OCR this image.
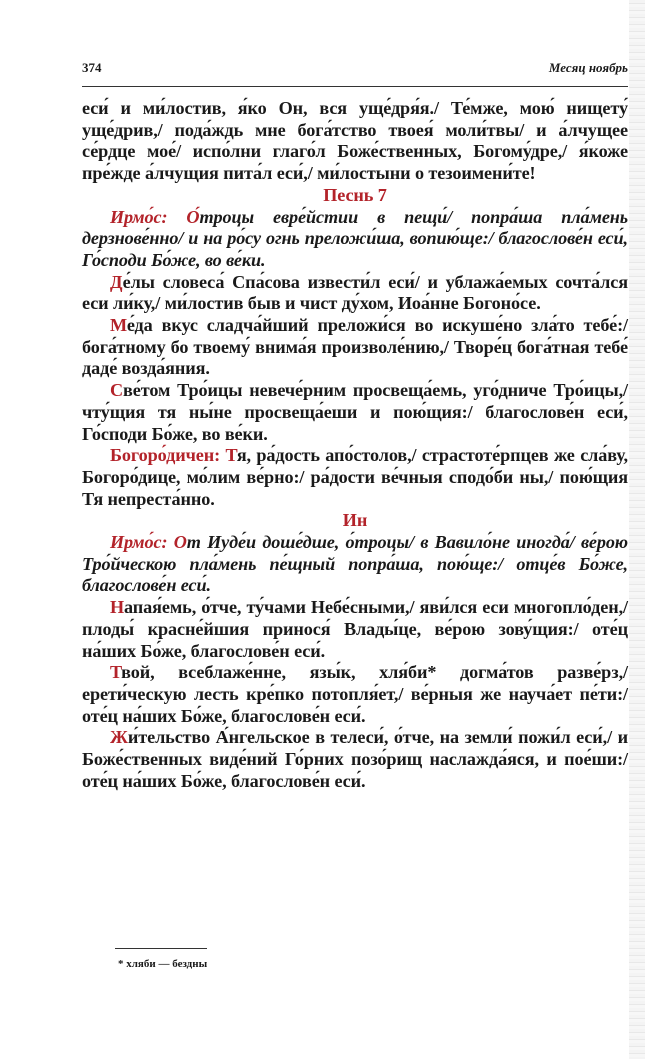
374	Месяц ноябрь

еси́ и ми́лостив, я́ко Он, вся уще́дря́я./ Те́мже, мою́ нищету́ уще́дрив,/ пода́ждь мне бога́тство твоея́ моли́твы/ и а́лчущее се́рдце мое́/ испо́лни глаго́л Боже́ственных, Богому́дре,/ я́коже пре́жде а́лчущия пита́л еси́,/ ми́лостыни о тезоимени́те!

Песнь 7

Ирмо́с: О́троцы евре́йстии в пещи́/ попра́ша пла́мень дерзнове́нно/ и на ро́су огнь преложи́ша, вопию́ще:/ благослове́н еси́, Го́споди Бо́же, во ве́ки.

Де́лы словеса́ Спа́сова извести́л еси́/ и ублажа́емых сочта́лся еси ли́ку,/ ми́лостив быв и чист ду́хом, Иоа́нне Богоно́се.

Ме́да вкус сладча́йший преложи́ся во искуше́но зла́то тебе́:/ бога́тному бо твоему́ внима́я произволе́нию,/ Творе́ц бога́тная тебе́ даде́ возда́яния.

Све́том Тро́ицы невече́рним просвеща́емь, уго́дниче Тро́ицы,/ чту́щия тя ны́не просвеща́еши и пою́щия:/ благослове́н еси́, Го́споди Бо́же, во ве́ки.

Богоро́дичен: Тя, ра́дость апо́столов,/ страстоте́рпцев же сла́ву, Богоро́дице, мо́лим ве́рно:/ ра́дости ве́чныя сподо́би ны,/ пою́щия Тя непреста́нно.

Ин

Ирмо́с: От Иуде́и доше́дше, о́троцы/ в Вавило́не иногда́/ ве́рою Тро́йческою пла́мень пе́щный попра́ша, пою́ще:/ отце́в Бо́же, благослове́н еси́.

Напая́емь, о́тче, ту́чами Небе́сными,/ яви́лся еси многопло́ден,/ плоды́ красне́йшия принося́ Влады́це, ве́рою зову́щия:/ оте́ц на́ших Бо́же, благослове́н еси́.

Твой, всеблаже́нне, язы́к, хля́би* догма́тов разве́рз,/ ерети́ческую лесть кре́пко потопля́ет,/ ве́рныя же науча́ет пе́ти:/ оте́ц на́ших Бо́же, благослове́н еси́.

Жи́тельство А́нгельское в телеси́, о́тче, на земли́ пожи́л еси́,/ и Боже́ственных виде́ний Го́рних позо́рищ наслажда́яся, и пое́ши:/ оте́ц на́ших Бо́же, благослове́н еси́.

* хляби — бездны
